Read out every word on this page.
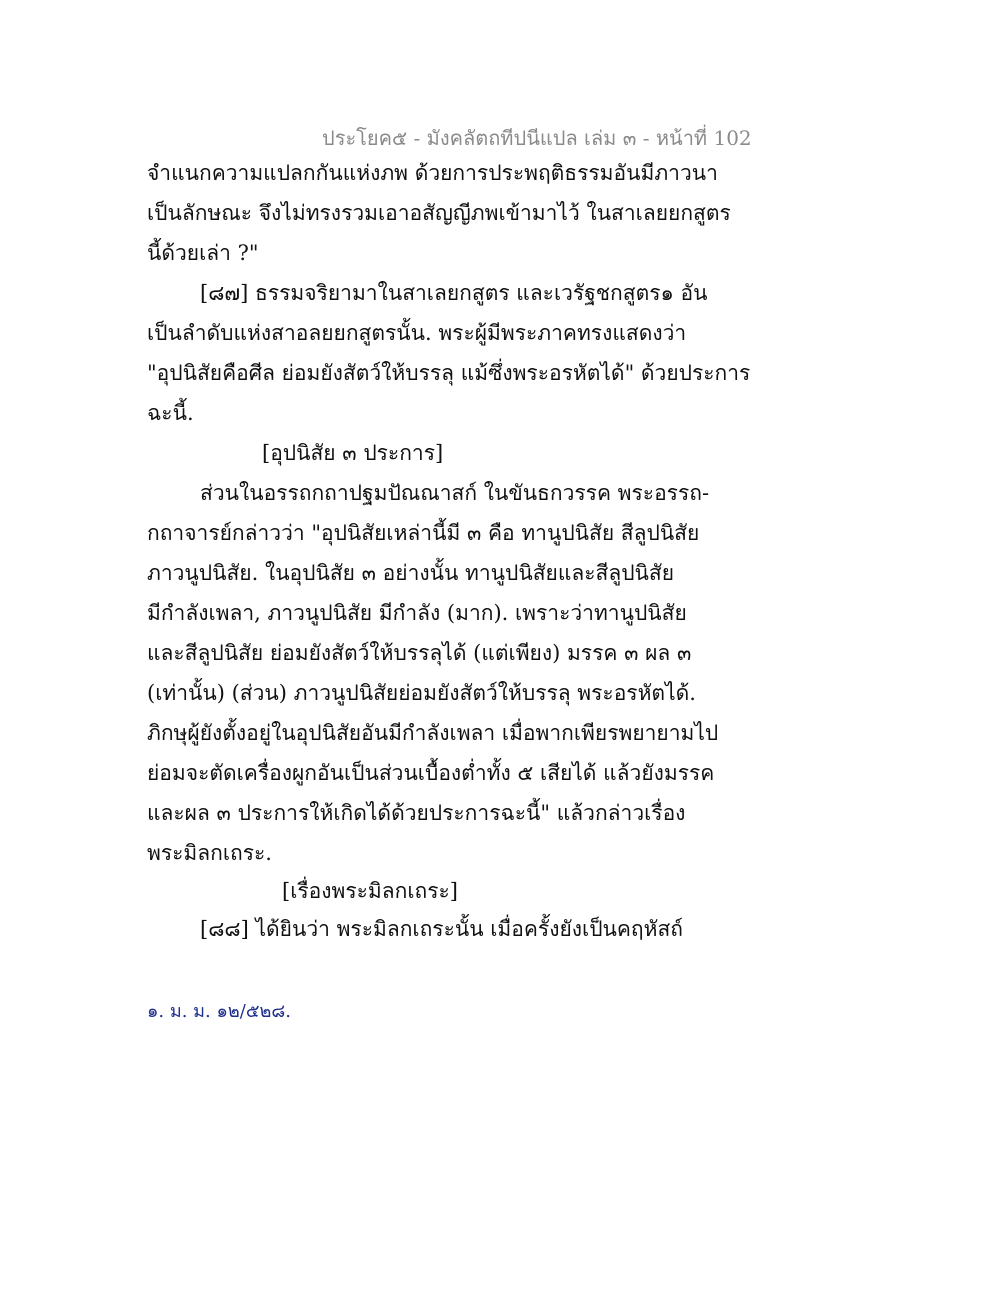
ประโยค๕ - มังคลัตถทีปนีแปล เล่ม ๓ - หน้าที่ 102
จำแนกความแปลกกันแห่งภพ ด้วยการประพฤติธรรมอันมีภาวนา
เป็นลักษณะ จึงไม่ทรงรวมเอาอสัญญีภพเข้ามาไว้ ในสาเลยยกสูตร
นี้ด้วยเล่า ?"
[๘๗] ธรรมจริยามาในสาเลยกสูตร และเวรัฐชกสูตร๑ อัน
เป็นลำดับแห่งสาอลยยกสูตรนั้น. พระผู้มีพระภาคทรงแสดงว่า
"อุปนิสัยคือศีล ย่อมยังสัตว์ให้บรรลุ แม้ซึ่งพระอรหัตได้" ด้วยประการ
ฉะนี้.
[อุปนิสัย ๓ ประการ]
ส่วนในอรรถกถาปฐมปัณณาสก์ ในขันธกวรรค พระอรรถ-
กถาจารย์กล่าวว่า "อุปนิสัยเหล่านี้มี ๓ คือ ทานูปนิสัย สีลูปนิสัย
ภาวนูปนิสัย. ในอุปนิสัย ๓ อย่างนั้น ทานูปนิสัยและสีลูปนิสัย
มีกำลังเพลา, ภาวนูปนิสัย มีกำลัง (มาก). เพราะว่าทานูปนิสัย
และสีลูปนิสัย ย่อมยังสัตว์ให้บรรลุได้ (แต่เพียง) มรรค ๓ ผล ๓
(เท่านั้น) (ส่วน) ภาวนูปนิสัยย่อมยังสัตว์ให้บรรลุ พระอรหัตได้.
ภิกษุผู้ยังตั้งอยู่ในอุปนิสัยอันมีกำลังเพลา เมื่อพากเพียรพยายามไป
ย่อมจะตัดเครื่องผูกอันเป็นส่วนเบื้องต่ำทั้ง ๕ เสียได้ แล้วยังมรรค
และผล ๓ ประการให้เกิดได้ด้วยประการฉะนี้" แล้วกล่าวเรื่อง
พระมิลกเถระ.
[เรื่องพระมิลกเถระ]
[๘๘] ได้ยินว่า พระมิลกเถระนั้น เมื่อครั้งยังเป็นคฤหัสถ์
๑. ม. ม. ๑๒/๕๒๘.
